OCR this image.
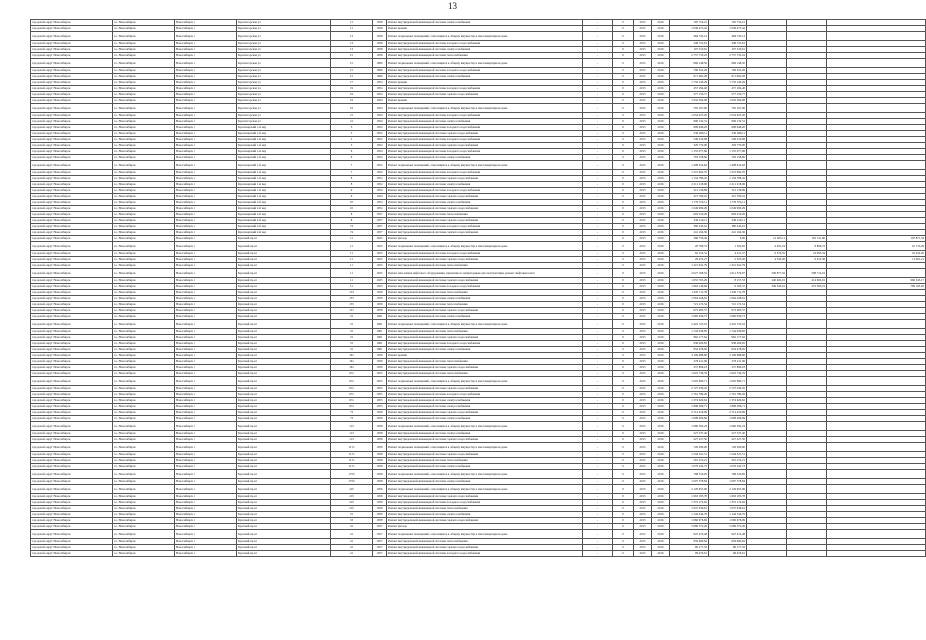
13
городской округ Новосибирск	г.о. Новосибирск	Новосибирск г	Красногорская ул	11	1958	Ремонт внутридомовой инженерной системы электроснабжения	-	0	2015	2016	105 754,21	105 754,21			
городской округ Новосибирск	г.о. Новосибирск	Новосибирск г	Красногорская ул	11	1958	Ремонт крыши	-	0	2015	2016	1 036 475,42	1 036 475,42			
городской округ Новосибирск	г.о. Новосибирск	Новосибирск г	Красногорская ул	13	1958	Ремонт подвальных помещений, относящихся к общему имуществу в многоквартирном доме	-	0	2015	2016	484 745,14	484 745,14			
городской округ Новосибирск	г.о. Новосибирск	Новосибирск г	Красногорская ул	13	1958	Ремонт внутридомовой инженерной системы холодного водоснабжения	-	0	2015	2016	348 725,61	348 725,61			
городской округ Новосибирск	г.о. Новосибирск	Новосибирск г	Красногорская ул	13	1958	Ремонт внутридомовой инженерной системы электроснабжения	-	0	2015	2016	107 310,61	107 310,61			
городской округ Новосибирск	г.о. Новосибирск	Новосибирск г	Красногорская ул	15	1958	Ремонт внутридомовой инженерной системы теплоснабжения	-	0	2015	2016	2 757 735,22	2 757 735,22			
городской округ Новосибирск	г.о. Новосибирск	Новосибирск г	Красногорская ул	15	1960	Ремонт подвальных помещений, относящихся к общему имуществу в многоквартирном доме	-	0	2015	2016	669 148,50	669 148,50			
городской округ Новосибирск	г.о. Новосибирск	Новосибирск г	Красногорская ул	15	1960	Ремонт внутридомовой инженерной системы холодного водоснабжения	-	0	2015	2016	706 322,26	706 322,26			
городской округ Новосибирск	г.о. Новосибирск	Новосибирск г	Красногорская ул	15	1960	Ремонт внутридомовой инженерной системы электроснабжения	-	0	2015	2016	671 962,28	671 962,28			
городской округ Новосибирск	г.о. Новосибирск	Новосибирск г	Красногорская ул	17	1954	Ремонт крыши	-	0	2015	2016	1 732 140,29	1 732 140,29			
городской округ Новосибирск	г.о. Новосибирск	Новосибирск г	Красногорская ул	19	1954	Ремонт внутридомовой инженерной системы холодного водоснабжения	-	0	2015	2016	457 184,40	457 184,40			
городской округ Новосибирск	г.о. Новосибирск	Новосибирск г	Красногорская ул	19	1954	Ремонт внутридомовой инженерной системы горячего водоснабжения	-	0	2015	2016	577 150,77	577 150,77			
городской округ Новосибирск	г.о. Новосибирск	Новосибирск г	Красногорская ул	19	1954	Ремонт крыши	-	0	2015	2016	1 932 564,08	1 932 564,08			
городской округ Новосибирск	г.о. Новосибирск	Новосибирск г	Красногорская ул	19	1954	Ремонт подвальных помещений, относящихся к общему имуществу в многоквартирном доме	-	0	2015	2016	795 167,00	795 167,00			
городской округ Новосибирск	г.о. Новосибирск	Новосибирск г	Красногорская ул	21	1954	Ремонт внутридомовой инженерной системы холодного водоснабжения	-	0	2015	2016	1 054 025,20	1 054 025,20			
городской округ Новосибирск	г.о. Новосибирск	Новосибирск г	Красногорская ул	21	1954	Ремонт внутридомовой инженерной системы электроснабжения	-	0	2015	2016	906 132,31	906 132,31			
городской округ Новосибирск	г.о. Новосибирск	Новосибирск г	Красноярский 1-й пер	3	1952	Ремонт внутридомовой инженерной системы холодного водоснабжения	-	0	2015	2016	609 646,20	609 646,20			
городской округ Новосибирск	г.о. Новосибирск	Новосибирск г	Красноярский 1-й пер	3	1952	Ремонт внутридомовой инженерной системы горячего водоснабжения	-	0	2015	2016	530 486,11	530 486,11			
городской округ Новосибирск	г.о. Новосибирск	Новосибирск г	Красноярский 1-й пер	5	1952	Ремонт внутридомовой инженерной системы холодного водоснабжения	-	0	2015	2016	549 219,08	549 219,08			
городской округ Новосибирск	г.о. Новосибирск	Новосибирск г	Красноярский 1-й пер	5	1952	Ремонт внутридомовой инженерной системы горячего водоснабжения	-	0	2015	2016	329 779,00	329 779,00			
городской округ Новосибирск	г.о. Новосибирск	Новосибирск г	Красноярский 1-й пер	6	1954	Ремонт внутридомовой инженерной системы холодного водоснабжения	-	0	2015	2016	1 155 077,96	1 155 077,96			
городской округ Новосибирск	г.о. Новосибирск	Новосибирск г	Красноярский 1-й пер	6	1954	Ремонт внутридомовой инженерной системы электроснабжения	-	0	2015	2016	703 158,60	703 158,60			
городской округ Новосибирск	г.о. Новосибирск	Новосибирск г	Красноярский 1-й пер	7	1952	Ремонт подвальных помещений, относящихся к общему имуществу в многоквартирном доме	-	0	2015	2016	1 408 614,62	1 408 614,62			
городской округ Новосибирск	г.о. Новосибирск	Новосибирск г	Красноярский 1-й пер	7	1952	Ремонт внутридомовой инженерной системы холодного водоснабжения	-	0	2015	2016	1 272 992,70	1 272 992,70			
городской округ Новосибирск	г.о. Новосибирск	Новосибирск г	Красноярский 1-й пер	8	1952	Ремонт внутридомовой инженерной системы горячего водоснабжения	-	0	2015	2016	1 134 786,45	1 134 786,45			
городской округ Новосибирск	г.о. Новосибирск	Новосибирск г	Красноярский 1-й пер	8	1952	Ремонт внутридомовой инженерной системы электроснабжения	-	0	2015	2016	2 211 218,06	2 211 218,06			
городской округ Новосибирск	г.о. Новосибирск	Новосибирск г	Красноярский 1-й пер	9	1954	Ремонт внутридомовой инженерной системы холодного водоснабжения	-	0	2015	2016	512 136,89	512 136,89			
городской округ Новосибирск	г.о. Новосибирск	Новосибирск г	Красноярский 1-й пер	9	1954	Ремонт внутридомовой инженерной системы горячего водоснабжения	-	0	2015	2016	321 790,22	321 790,22			
городской округ Новосибирск	г.о. Новосибирск	Новосибирск г	Красноярский 2-й пер	10	1954	Ремонт внутридомовой инженерной системы электроснабжения	-	0	2015	2016	1 779 374,11	1 779 374,11			
городской округ Новосибирск	г.о. Новосибирск	Новосибирск г	Красноярский 2-й пер	10	1954	Ремонт внутридомовой инженерной системы горячего водоснабжения	-	0	2015	2016	1 049 990,29	1 049 990,29			
городской округ Новосибирск	г.о. Новосибирск	Новосибирск г	Красноярский 2-й пер	8	1957	Ремонт внутридомовой инженерной системы теплоснабжения	-	0	2015	2016	603 219,20	603 219,20			
городской округ Новосибирск	г.о. Новосибирск	Новосибирск г	Красноярский 2-й пер	8	1957	Ремонт внутридомовой инженерной системы горячего водоснабжения	-	0	2015	2016	236 410,11	236 410,11			
городской округ Новосибирск	г.о. Новосибирск	Новосибирск г	Красноярский 2-й пер	74	1957	Ремонт внутридомовой инженерной системы холодного водоснабжения	-	0	2015	2016	360 243,10	360 243,10			
городской округ Новосибирск	г.о. Новосибирск	Новосибирск г	Красноярский 2-й пер	74	1957	Ремонт внутридомовой инженерной системы горячего водоснабжения	-	0	2015	2016	241 164,36	241 164,36			
городской округ Новосибирск	г.о. Новосибирск	Новосибирск г	Красный пр-кт	11	1925	Ремонт фасада	-	0	2015	2016	396 756,49	0,00	12 465,11	181 311,90	167 871,34
городской округ Новосибирск	г.о. Новосибирск	Новосибирск г	Красный пр-кт	11	1925	Ремонт подвальных помещений, относящихся к общему имуществу в многоквартирном доме	-	0	2015	2016	20 799,72	1 502,65	4 401,19	8 806,72	10 715,26
городской округ Новосибирск	г.о. Новосибирск	Новосибирск г	Красный пр-кт	11	1925	Ремонт внутридомовой инженерной системы холодного водоснабжения	-	0	2015	2016	62 154,31	4 411,37	9 576,35	19 093,34	22 222,20
городской округ Новосибирск	г.о. Новосибирск	Новосибирск г	Красный пр-кт	11	1925	Ремонт внутридомовой инженерной системы горячего водоснабжения	-	0	2015	2016	29 074,27	2 325,20	4 342,20	9 012,38	11 001,21
городской округ Новосибирск	г.о. Новосибирск	Новосибирск г	Красный пр-кт	11	1925	Ремонт внутридомовой инженерной системы теплоснабжения	-	0	2015	2016	1 321 041,79	1 321 041,79			
городской округ Новосибирск	г.о. Новосибирск	Новосибирск г	Красный пр-кт	11	1925	Ремонт или замена лифтового оборудования, признанного непригодным для эксплуатации, ремонт лифтовых шахт	-	0	2015	2016	2 027 168,55	1 011 579,07	506 877,32	508 712,16	
городской округ Новосибирск	г.о. Новосибирск	Новосибирск г	Красный пр-кт	11	1925	Ремонт внутридомовой инженерной системы горячего водоснабжения	-	0	2015	2016	1 655 765,29	8 157,53	240 402,91	214 602,91	660 345,17
городской округ Новосибирск	г.о. Новосибирск	Новосибирск г	Красный пр-кт	11	1925	Ремонт внутридомовой инженерной системы холодного водоснабжения	-	0	2015	2016	1 663 146,66	9 163,37	349 342,91	472 393,19	799 165,02
городской округ Новосибирск	г.о. Новосибирск	Новосибирск г	Красный пр-кт	153	1959	Ремонт внутридомовой инженерной системы теплоснабжения	-	0	2015	2016	1 320 711,78	1 320 711,78			
городской округ Новосибирск	г.о. Новосибирск	Новосибирск г	Красный пр-кт	153	1959	Ремонт внутридомовой инженерной системы электроснабжения	-	0	2015	2016	1 064 428,91	1 064 428,91			
городской округ Новосибирск	г.о. Новосибирск	Новосибирск г	Красный пр-кт	155	1959	Ремонт внутридомовой инженерной системы теплоснабжения	-	0	2015	2016	721 172,54	721 172,54			
городской округ Новосибирск	г.о. Новосибирск	Новосибирск г	Красный пр-кт	157	1958	Ремонт внутридомовой инженерной системы горячего водоснабжения	-	0	2015	2016	673 485,57	673 485,57			
городской округ Новосибирск	г.о. Новосибирск	Новосибирск г	Красный пр-кт	31	1961	Ремонт внутридомовой инженерной системы электроснабжения	-	0	2015	2016	1 985 636,73	1 985 636,73			
городской округ Новосибирск	г.о. Новосибирск	Новосибирск г	Красный пр-кт	31	1961	Ремонт подвальных помещений, относящихся к общему имуществу в многоквартирном доме	-	0	2015	2016	2 422 723,16	2 422 723,16			
городской округ Новосибирск	г.о. Новосибирск	Новосибирск г	Красный пр-кт	31	1961	Ремонт внутридомовой инженерной системы теплоснабжения	-	0	2015	2016	1 744 036,85	1 744 036,85			
городской округ Новосибирск	г.о. Новосибирск	Новосибирск г	Красный пр-кт	31	1961	Ремонт внутридомовой инженерной системы горячего водоснабжения	-	0	2015	2016	962 177,62	962 177,62			
городской округ Новосибирск	г.о. Новосибирск	Новосибирск г	Красный пр-кт	31	1961	Ремонт внутридомовой инженерной системы холодного водоснабжения	-	0	2015	2016	938 409,65	938 409,65			
городской округ Новосибирск	г.о. Новосибирск	Новосибирск г	Красный пр-кт	31	1961	Ремонт внутридомовой инженерной системы электроснабжения	-	0	2015	2016	654 478,95	654 478,95			
городской округ Новосибирск	г.о. Новосибирск	Новосибирск г	Красный пр-кт	161	1959	Ремонт крыши	-	0	2015	2016	3 109 688,60	3 109 688,60			
городской округ Новосибирск	г.о. Новосибирск	Новосибирск г	Красный пр-кт	161	1959	Ремонт внутридомовой инженерной системы теплоснабжения	-	0	2015	2016	276 411,06	276 411,06			
городской округ Новосибирск	г.о. Новосибирск	Новосибирск г	Красный пр-кт	161	1959	Ремонт внутридомовой инженерной системы горячего водоснабжения	-	0	2015	2016	257 896,18	257 896,18			
городской округ Новосибирск	г.о. Новосибирск	Новосибирск г	Красный пр-кт	67а	1955	Ремонт внутридомовой инженерной системы теплоснабжения	-	0	2015	2016	1 622 736,76	1 622 736,76			
городской округ Новосибирск	г.о. Новосибирск	Новосибирск г	Красный пр-кт	67а	1955	Ремонт подвальных помещений, относящихся к общему имуществу в многоквартирном доме	-	0	2015	2016	1 005 690,71	1 005 690,71			
городской округ Новосибирск	г.о. Новосибирск	Новосибирск г	Красный пр-кт	67а	1955	Ремонт внутридомовой инженерной системы горячего водоснабжения	-	0	2015	2016	2 727 439,45	2 727 439,45			
городской округ Новосибирск	г.о. Новосибирск	Новосибирск г	Красный пр-кт	67а	1955	Ремонт внутридомовой инженерной системы холодного водоснабжения	-	0	2015	2016	1 761 789,26	1 761 789,26			
городской округ Новосибирск	г.о. Новосибирск	Новосибирск г	Красный пр-кт	67а	1955	Ремонт внутридомовой инженерной системы электроснабжения	-	0	2015	2016	1 374 629,62	1 374 629,62			
городской округ Новосибирск	г.о. Новосибирск	Новосибирск г	Красный пр-кт	67а	1955	Ремонт внутридомовой инженерной системы электроснабжения	-	0	2015	2016	1 808 286,71	1 808 286,71			
городской округ Новосибирск	г.о. Новосибирск	Новосибирск г	Красный пр-кт	73	1956	Ремонт внутридомовой инженерной системы горячего водоснабжения	-	0	2015	2016	2 714 419,09	2 714 419,09			
городской округ Новосибирск	г.о. Новосибирск	Новосибирск г	Красный пр-кт	73	1956	Ремонт внутридомовой инженерной системы электроснабжения	-	0	2015	2016	1 608 406,69	1 608 406,69			
городской округ Новосибирск	г.о. Новосибирск	Новосибирск г	Красный пр-кт	113	1958	Ремонт подвальных помещений, относящихся к общему имуществу в многоквартирном доме	-	0	2015	2016	1 060 592,24	1 060 592,24			
городской округ Новосибирск	г.о. Новосибирск	Новосибирск г	Красный пр-кт	113	1958	Ремонт внутридомовой инженерной системы электроснабжения	-	0	2015	2016	527 537,40	527 537,40			
городской округ Новосибирск	г.о. Новосибирск	Новосибирск г	Красный пр-кт	113	1958	Ремонт внутридомовой инженерной системы горячего водоснабжения	-	0	2015	2016	227 227,50	227 227,50			
городской округ Новосибирск	г.о. Новосибирск	Новосибирск г	Красный пр-кт	117а	1958	Ремонт подвальных помещений, относящихся к общему имуществу в многоквартирном доме	-	0	2015	2016	726 209,00	726 209,00			
городской округ Новосибирск	г.о. Новосибирск	Новосибирск г	Красный пр-кт	117а	1958	Ремонт внутридомовой инженерной системы горячего водоснабжения	-	0	2015	2016	1 544 521,51	1 544 521,51			
городской округ Новосибирск	г.о. Новосибирск	Новосибирск г	Красный пр-кт	117а	1958	Ремонт внутридомовой инженерной системы теплоснабжения	-	0	2015	2016	591 274,21	591 274,21			
городской округ Новосибирск	г.о. Новосибирск	Новосибирск г	Красный пр-кт	117а	1958	Ремонт внутридомовой инженерной системы электроснабжения	-	0	2015	2016	1 079 242,73	1 079 242,73			
городской округ Новосибирск	г.о. Новосибирск	Новосибирск г	Красный пр-кт	175б	1958	Ремонт подвальных помещений, относящихся к общему имуществу в многоквартирном доме	-	0	2015	2016	768 316,95	768 316,95			
городской округ Новосибирск	г.о. Новосибирск	Новосибирск г	Красный пр-кт	175б	1958	Ремонт внутридомовой инженерной системы электроснабжения	-	0	2015	2016	1 007 578,84	1 007 578,84			
городской округ Новосибирск	г.о. Новосибирск	Новосибирск г	Красный пр-кт	21б	1956	Ремонт подвальных помещений, относящихся к общему имуществу в многоквартирном доме	-	0	2015	2016	2 129 655,00	2 129 655,00			
городской округ Новосибирск	г.о. Новосибирск	Новосибирск г	Красный пр-кт	21б	1956	Ремонт внутридомовой инженерной системы горячего водоснабжения	-	0	2015	2016	1 663 185,78	1 663 185,78			
городской округ Новосибирск	г.о. Новосибирск	Новосибирск г	Красный пр-кт	21б	1956	Ремонт внутридомовой инженерной системы холодного водоснабжения	-	0	2015	2016	1 372 174,92	1 372 174,92			
городской округ Новосибирск	г.о. Новосибирск	Новосибирск г	Красный пр-кт	21б	1956	Ремонт внутридомовой инженерной системы теплоснабжения	-	0	2015	2016	1 937 036,61	1 937 036,61			
городской округ Новосибирск	г.о. Новосибирск	Новосибирск г	Красный пр-кт	31	1959	Ремонт внутридомовой инженерной системы электроснабжения	-	0	2015	2016	1 144 544,70	1 144 544,70			
городской округ Новосибирск	г.о. Новосибирск	Новосибирск г	Красный пр-кт	33	1958	Ремонт внутридомовой инженерной системы горячего водоснабжения	-	0	2015	2016	1 060 976,69	1 060 976,69			
городской округ Новосибирск	г.о. Новосибирск	Новосибирск г	Красный пр-кт	41	1957	Ремонт фасада	-	0	2015	2016	5 089 372,20	5 089 372,20			
городской округ Новосибирск	г.о. Новосибирск	Новосибирск г	Красный пр-кт	41	1957	Ремонт подвальных помещений, относящихся к общему имуществу в многоквартирном доме	-	0	2015	2016	947 474,48	947 474,48			
городской округ Новосибирск	г.о. Новосибирск	Новосибирск г	Красный пр-кт	41	1957	Ремонт внутридомовой инженерной системы теплоснабжения	-	0	2015	2016	659 690,62	659 690,62			
городской округ Новосибирск	г.о. Новосибирск	Новосибирск г	Красный пр-кт	41	1957	Ремонт внутридомовой инженерной системы горячего водоснабжения	-	0	2015	2016	80 177,32	80 177,32			
городской округ Новосибирск	г.о. Новосибирск	Новосибирск г	Красный пр-кт	41	1957	Ремонт внутридомовой инженерной системы холодного водоснабжения	-	0	2015	2016	99 476,61	99 476,61			
